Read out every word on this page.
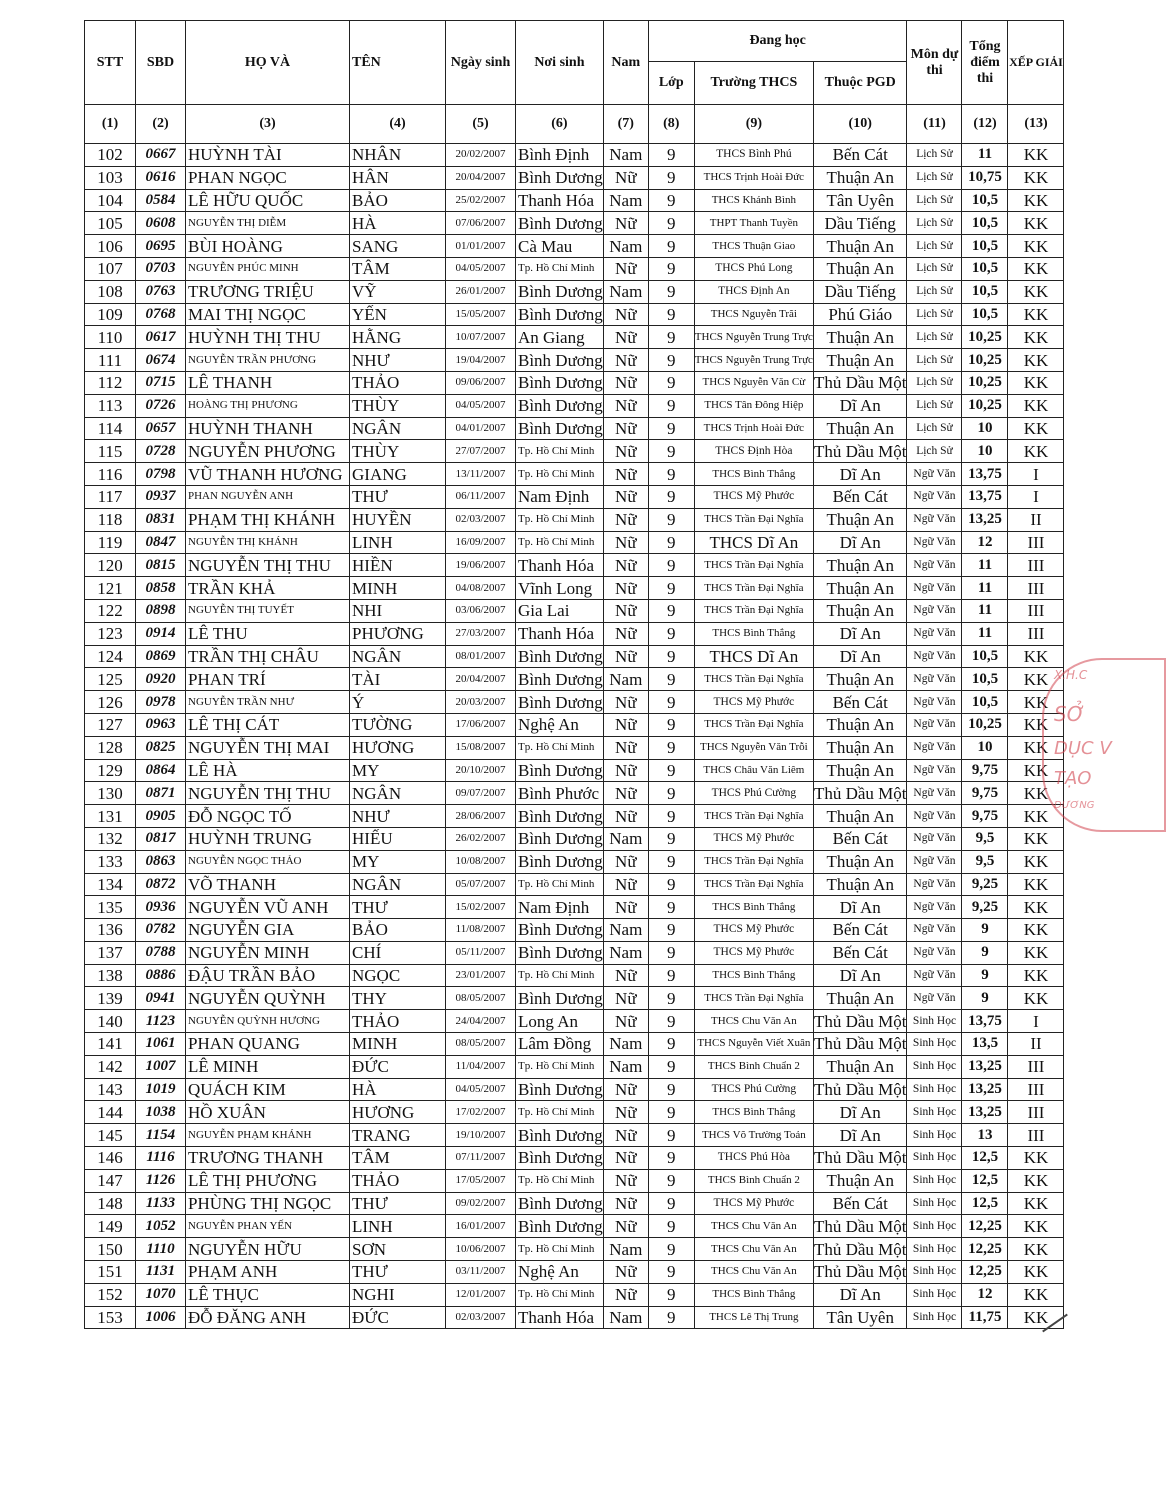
STT	SBD	HỌ VÀ	TÊN	Ngày sinh	Nơi sinh	Nam	Đang học			Môn dự thi	Tổng điểm thi	XẾP GIẢI
							Lớp	Trường THCS	Thuộc PGD			
(1)	(2)	(3)	(4)	(5)	(6)	(7)	(8)	(9)	(10)	(11)	(12)	(13)
102	0667	HUỲNH TÀI	NHÂN	20/02/2007	Bình Định	Nam	9	THCS Bình Phú	Bến Cát	Lịch Sử	11	KK
103	0616	PHAN NGỌC	HÂN	20/04/2007	Bình Dương	Nữ	9	THCS Trịnh Hoài Đức	Thuận An	Lịch Sử	10,75	KK
104	0584	LÊ HỮU QUỐC	BẢO	25/02/2007	Thanh Hóa	Nam	9	THCS Khánh Bình	Tân Uyên	Lịch Sử	10,5	KK
105	0608	NGUYỄN THỊ DIỄM	HÀ	07/06/2007	Bình Dương	Nữ	9	THPT Thanh Tuyền	Dầu Tiếng	Lịch Sử	10,5	KK
106	0695	BÙI HOÀNG	SANG	01/01/2007	Cà Mau	Nam	9	THCS Thuận Giao	Thuận An	Lịch Sử	10,5	KK
107	0703	NGUYỄN PHÚC MINH	TÂM	04/05/2007	Tp. Hồ Chí Minh	Nữ	9	THCS Phú Long	Thuận An	Lịch Sử	10,5	KK
108	0763	TRƯƠNG TRIỆU	VỸ	26/01/2007	Bình Dương	Nam	9	THCS Định An	Dầu Tiếng	Lịch Sử	10,5	KK
109	0768	MAI THỊ NGỌC	YẾN	15/05/2007	Bình Dương	Nữ	9	THCS Nguyễn Trãi	Phú Giáo	Lịch Sử	10,5	KK
110	0617	HUỲNH THỊ THU	HẰNG	10/07/2007	An Giang	Nữ	9	THCS Nguyễn Trung Trực	Thuận An	Lịch Sử	10,25	KK
111	0674	NGUYỄN TRẦN PHƯƠNG	NHƯ	19/04/2007	Bình Dương	Nữ	9	THCS Nguyễn Trung Trực	Thuận An	Lịch Sử	10,25	KK
112	0715	LÊ THANH	THẢO	09/06/2007	Bình Dương	Nữ	9	THCS Nguyễn Văn Cừ	Thủ Dầu Một	Lịch Sử	10,25	KK
113	0726	HOÀNG THỊ PHƯƠNG	THÙY	04/05/2007	Bình Dương	Nữ	9	THCS Tân Đông Hiệp	Dĩ An	Lịch Sử	10,25	KK
114	0657	HUỲNH THANH	NGÂN	04/01/2007	Bình Dương	Nữ	9	THCS Trịnh Hoài Đức	Thuận An	Lịch Sử	10	KK
115	0728	NGUYỄN PHƯƠNG	THÙY	27/07/2007	Tp. Hồ Chí Minh	Nữ	9	THCS Định Hòa	Thủ Dầu Một	Lịch Sử	10	KK
116	0798	VŨ THANH HƯƠNG	GIANG	13/11/2007	Tp. Hồ Chí Minh	Nữ	9	THCS Bình Thắng	Dĩ An	Ngữ Văn	13,75	I
117	0937	PHAN NGUYỄN ANH	THƯ	06/11/2007	Nam Định	Nữ	9	THCS Mỹ Phước	Bến Cát	Ngữ Văn	13,75	I
118	0831	PHẠM THỊ KHÁNH	HUYỀN	02/03/2007	Tp. Hồ Chí Minh	Nữ	9	THCS Trần Đại Nghĩa	Thuận An	Ngữ Văn	13,25	II
119	0847	NGUYỄN THỊ KHÁNH	LINH	16/09/2007	Tp. Hồ Chí Minh	Nữ	9	THCS Dĩ An	Dĩ An	Ngữ Văn	12	III
120	0815	NGUYỄN THỊ THU	HIỀN	19/06/2007	Thanh Hóa	Nữ	9	THCS Trần Đại Nghĩa	Thuận An	Ngữ Văn	11	III
121	0858	TRẦN KHẢ	MINH	04/08/2007	Vĩnh Long	Nữ	9	THCS Trần Đại Nghĩa	Thuận An	Ngữ Văn	11	III
122	0898	NGUYỄN THỊ TUYẾT	NHI	03/06/2007	Gia Lai	Nữ	9	THCS Trần Đại Nghĩa	Thuận An	Ngữ Văn	11	III
123	0914	LÊ THU	PHƯƠNG	27/03/2007	Thanh Hóa	Nữ	9	THCS Bình Thắng	Dĩ An	Ngữ Văn	11	III
124	0869	TRẦN THỊ CHÂU	NGÂN	08/01/2007	Bình Dương	Nữ	9	THCS Dĩ An	Dĩ An	Ngữ Văn	10,5	KK
125	0920	PHAN TRÍ	TÀI	20/04/2007	Bình Dương	Nam	9	THCS Trần Đại Nghĩa	Thuận An	Ngữ Văn	10,5	KK
126	0978	NGUYỄN TRẦN NHƯ	Ý	20/03/2007	Bình Dương	Nữ	9	THCS Mỹ Phước	Bến Cát	Ngữ Văn	10,5	KK
127	0963	LÊ THỊ CÁT	TƯỜNG	17/06/2007	Nghệ An	Nữ	9	THCS Trần Đại Nghĩa	Thuận An	Ngữ Văn	10,25	KK
128	0825	NGUYỄN THỊ MAI	HƯƠNG	15/08/2007	Tp. Hồ Chí Minh	Nữ	9	THCS Nguyễn Văn Trỗi	Thuận An	Ngữ Văn	10	KK
129	0864	LÊ HÀ	MY	20/10/2007	Bình Dương	Nữ	9	THCS Châu Văn Liêm	Thuận An	Ngữ Văn	9,75	KK
130	0871	NGUYỄN THỊ THU	NGÂN	09/07/2007	Bình Phước	Nữ	9	THCS Phú Cường	Thủ Dầu Một	Ngữ Văn	9,75	KK
131	0905	ĐỖ NGỌC TỐ	NHƯ	28/06/2007	Bình Dương	Nữ	9	THCS Trần Đại Nghĩa	Thuận An	Ngữ Văn	9,75	KK
132	0817	HUỲNH TRUNG	HIẾU	26/02/2007	Bình Dương	Nam	9	THCS Mỹ Phước	Bến Cát	Ngữ Văn	9,5	KK
133	0863	NGUYỄN NGỌC THẢO	MY	10/08/2007	Bình Dương	Nữ	9	THCS Trần Đại Nghĩa	Thuận An	Ngữ Văn	9,5	KK
134	0872	VÕ THANH	NGÂN	05/07/2007	Tp. Hồ Chí Minh	Nữ	9	THCS Trần Đại Nghĩa	Thuận An	Ngữ Văn	9,25	KK
135	0936	NGUYỄN VŨ ANH	THƯ	15/02/2007	Nam Định	Nữ	9	THCS Bình Thắng	Dĩ An	Ngữ Văn	9,25	KK
136	0782	NGUYỄN GIA	BẢO	11/08/2007	Bình Dương	Nam	9	THCS Mỹ Phước	Bến Cát	Ngữ Văn	9	KK
137	0788	NGUYỄN MINH	CHÍ	05/11/2007	Bình Dương	Nam	9	THCS Mỹ Phước	Bến Cát	Ngữ Văn	9	KK
138	0886	ĐẬU TRẦN BẢO	NGỌC	23/01/2007	Tp. Hồ Chí Minh	Nữ	9	THCS Bình Thắng	Dĩ An	Ngữ Văn	9	KK
139	0941	NGUYỄN QUỲNH	THY	08/05/2007	Bình Dương	Nữ	9	THCS Trần Đại Nghĩa	Thuận An	Ngữ Văn	9	KK
140	1123	NGUYỄN QUỲNH HƯƠNG	THẢO	24/04/2007	Long An	Nữ	9	THCS Chu Văn An	Thủ Dầu Một	Sinh Học	13,75	I
141	1061	PHAN QUANG	MINH	08/05/2007	Lâm Đồng	Nam	9	THCS Nguyễn Viết Xuân	Thủ Dầu Một	Sinh Học	13,5	II
142	1007	LÊ MINH	ĐỨC	11/04/2007	Tp. Hồ Chí Minh	Nam	9	THCS Bình Chuẩn 2	Thuận An	Sinh Học	13,25	III
143	1019	QUÁCH KIM	HÀ	04/05/2007	Bình Dương	Nữ	9	THCS Phú Cường	Thủ Dầu Một	Sinh Học	13,25	III
144	1038	HỒ XUÂN	HƯƠNG	17/02/2007	Tp. Hồ Chí Minh	Nữ	9	THCS Bình Thắng	Dĩ An	Sinh Học	13,25	III
145	1154	NGUYỄN PHẠM KHÁNH	TRANG	19/10/2007	Bình Dương	Nữ	9	THCS Võ Trường Toản	Dĩ An	Sinh Học	13	III
146	1116	TRƯƠNG THANH	TÂM	07/11/2007	Bình Dương	Nữ	9	THCS Phú Hòa	Thủ Dầu Một	Sinh Học	12,5	KK
147	1126	LÊ THỊ PHƯƠNG	THẢO	17/05/2007	Tp. Hồ Chí Minh	Nữ	9	THCS Bình Chuẩn 2	Thuận An	Sinh Học	12,5	KK
148	1133	PHÙNG THỊ NGỌC	THƯ	09/02/2007	Bình Dương	Nữ	9	THCS Mỹ Phước	Bến Cát	Sinh Học	12,5	KK
149	1052	NGUYỄN PHAN YẾN	LINH	16/01/2007	Bình Dương	Nữ	9	THCS Chu Văn An	Thủ Dầu Một	Sinh Học	12,25	KK
150	1110	NGUYỄN HỮU	SƠN	10/06/2007	Tp. Hồ Chí Minh	Nam	9	THCS Chu Văn An	Thủ Dầu Một	Sinh Học	12,25	KK
151	1131	PHẠM ANH	THƯ	03/11/2007	Nghệ An	Nữ	9	THCS Chu Văn An	Thủ Dầu Một	Sinh Học	12,25	KK
152	1070	LÊ THỤC	NGHI	12/01/2007	Tp. Hồ Chí Minh	Nữ	9	THCS Bình Thắng	Dĩ An	Sinh Học	12	KK
153	1006	ĐỖ ĐĂNG ANH	ĐỨC	02/03/2007	Thanh Hóa	Nam	9	THCS Lê Thị Trung	Tân Uyên	Sinh Học	11,75	KK
X.H.C
SỞ
DỤC V
TẠO
DƯƠNG
